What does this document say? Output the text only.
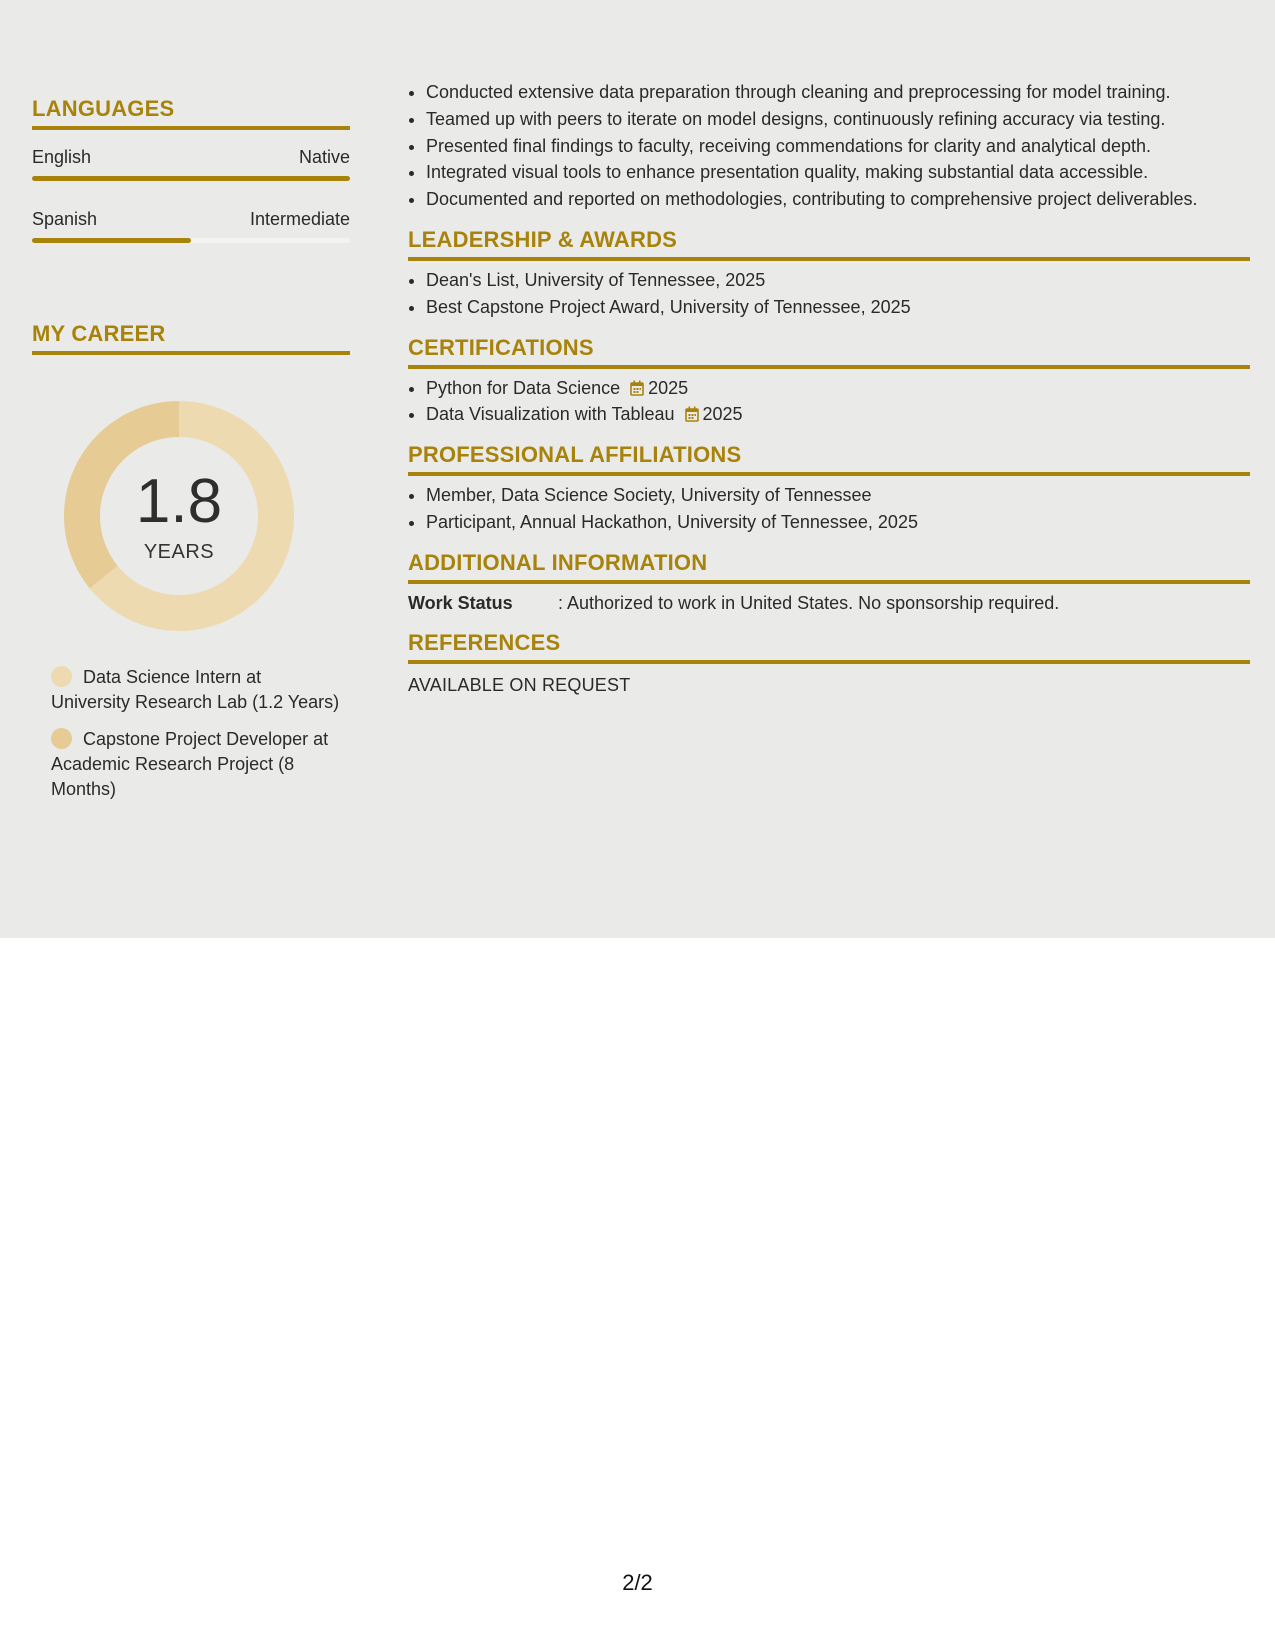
LANGUAGES
English	Native
Spanish	Intermediate
MY CAREER
1.8
YEARS
Data Science Intern at University Research Lab (1.2 Years)
Capstone Project Developer at Academic Research Project (8 Months)
• Conducted extensive data preparation through cleaning and preprocessing for model training.
• Teamed up with peers to iterate on model designs, continuously refining accuracy via testing.
• Presented final findings to faculty, receiving commendations for clarity and analytical depth.
• Integrated visual tools to enhance presentation quality, making substantial data accessible.
• Documented and reported on methodologies, contributing to comprehensive project deliverables.
LEADERSHIP & AWARDS
• Dean's List, University of Tennessee, 2025
• Best Capstone Project Award, University of Tennessee, 2025
CERTIFICATIONS
• Python for Data Science 2025
• Data Visualization with Tableau 2025
PROFESSIONAL AFFILIATIONS
• Member, Data Science Society, University of Tennessee
• Participant, Annual Hackathon, University of Tennessee, 2025
ADDITIONAL INFORMATION
Work Status	: Authorized to work in United States. No sponsorship required.
REFERENCES
AVAILABLE ON REQUEST
2/2
